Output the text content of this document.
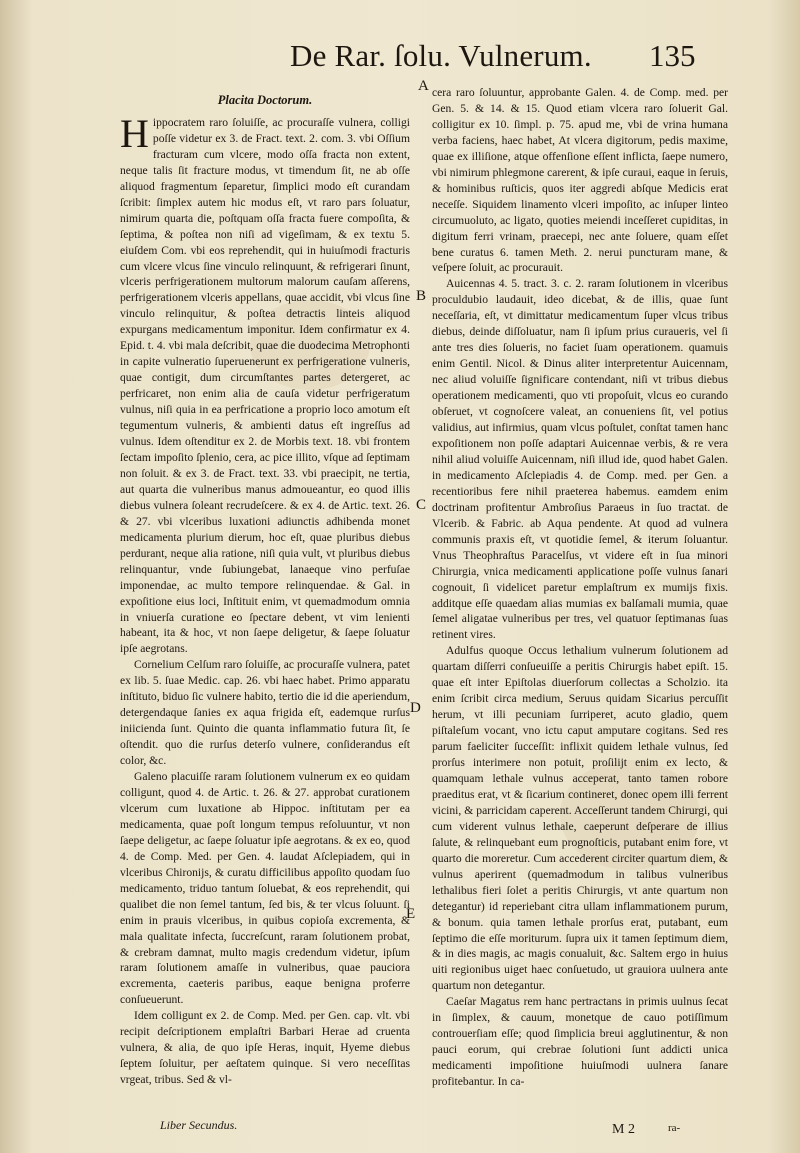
De Rar. ſolu. Vulnerum. 135
Placita Doctorum.

Hippocratem raro ſoluiſſe, ac procuraſſe vulnera, colligi poſſe videtur ex 3. de Fract. text. 2. com. 3. vbi Oſſium fracturam cum vlcere, modo oſſa fracta non extent, neque talis ſit fracture modus, vt timendum ſit, ne ab oſſe aliquod fragmentum ſeparetur, ſimplici modo eſt curandam ſcribit: ſimplex autem hic modus eſt, vt raro pars ſoluatur, nimirum quarta die, poſtquam oſſa fracta fuere compoſita, & ſeptima, & poſtea non niſi ad vigeſimam, & ex textu 5. eiuſdem Com. vbi eos reprehendit, qui in huiuſmodi fracturis cum vlcere vlcus ſine vinculo relinquunt, & refrigerari ſinunt, vlceris perfrigerationem multorum malorum cauſam aſſerens, perfrigerationem vlceris appellans, quae accidit, vbi vlcus ſine vinculo relinquitur, & poſtea detractis linteis aliquod expurgans medicamentum imponitur. Idem confirmatur ex 4. Epid. t. 4. vbi mala deſcribit, quae die duodecima Metrophonti in capite vulneratio ſuperuenerunt ex perfrigeratione vulneris, quae contigit, dum circumſtantes partes detergeret, ac perfricaret, non enim alia de cauſa videtur perfrigeratum vulnus, niſi quia in ea perfricatione a proprio loco amotum eſt tegumentum vulneris, & ambienti datus eſt ingreſſus ad vulnus. Idem oſtenditur ex 2. de Morbis text. 18. vbi frontem ſectam impoſito ſplenio, cera, ac pice illito, vſque ad ſeptimam non ſoluit. & ex 3. de Fract. text. 33. vbi praecipit, ne tertia, aut quarta die vulneribus manus admoueantur, eo quod illis diebus vulnera ſoleant recrudeſcere. & ex 4. de Artic. text. 26. & 27. vbi vlceribus luxationi adiunctis adhibenda monet medicamenta plurium dierum, hoc eſt, quae pluribus diebus perdurant, neque alia ratione, niſi quia vult, vt pluribus diebus relinquantur, vnde ſubiungebat, lanaeque vino perfuſae imponendae, ac multo tempore relinquendae. & Gal. in expoſitione eius loci, Inſtituit enim, vt quemadmodum omnia in vniuerſa curatione eo ſpectare debent, vt vim lenienti habeant, ita & hoc, vt non ſaepe deligetur, & ſaepe ſoluatur ipſe aegrotans.

Cornelium Celſum raro ſoluiſſe, ac procuraſſe vulnera, patet ex lib. 5. ſuae Medic. cap. 26. vbi haec habet. Primo apparatu inſtituto, biduo ſic vulnere habito, tertio die id die aperiendum, detergendaque ſanies ex aqua frigida eſt, eademque rurſus iniicienda ſunt. Quinto die quanta inflammatio futura ſit, ſe oſtendit. quo die rurſus deterſo vulnere, conſiderandus eſt color, &c.

Galeno placuiſſe raram ſolutionem vulnerum ex eo quidam colligunt, quod 4. de Artic. t. 26. & 27. approbat curationem vlcerum cum luxatione ab Hippoc. inſtitutam per ea medicamenta, quae poſt longum tempus reſoluuntur, vt non ſaepe deligetur, ac ſaepe ſoluatur ipſe aegrotans. & ex eo, quod 4. de Comp. Med. per Gen. 4. laudat Aſclepiadem, qui in vlceribus Chironijs, & curatu difficilibus appoſito quodam ſuo medicamento, triduo tantum ſoluebat, & eos reprehendit, qui qualibet die non ſemel tantum, ſed bis, & ter vlcus ſoluunt. ſi enim in prauis vlceribus, in quibus copioſa excrementa, & mala qualitate infecta, ſuccreſcunt, raram ſolutionem probat, & crebram damnat, multo magis credendum videtur, ipſum raram ſolutionem amaſſe in vulneribus, quae pauciora excrementa, caeteris paribus, eaque benigna proferre conſueuerunt.

Idem colligunt ex 2. de Comp. Med. per Gen. cap. vlt. vbi recipit deſcriptionem emplaſtri Barbari Herae ad cruenta vulnera, & alia, de quo ipſe Heras, inquit, Hyeme diebus ſeptem ſoluitur, per aeſtatem quinque. Si vero neceſſitas vrgeat, tribus. Sed & vl-

A
B
C
D
E

cera raro ſoluuntur, approbante Galen. 4. de Comp. med. per Gen. 5. & 14. & 15. Quod etiam vlcera raro ſoluerit Gal. colligitur ex 10. ſimpl. p. 75. apud me, vbi de vrina humana verba faciens, haec habet, At vlcera digitorum, pedis maxime, quae ex illiſione, atque offenſione eſſent inflicta, ſaepe numero, vbi nimirum phlegmone carerent, & ipſe curaui, eaque in ſeruis, & hominibus ruſticis, quos iter aggredi abſque Medicis erat neceſſe. Siquidem linamento vlceri impoſito, ac inſuper linteo circumuoluto, ac ligato, quoties meiendi inceſſeret cupiditas, in digitum ferri vrinam, praecepi, nec ante ſoluere, quam eſſet bene curatus 6. tamen Meth. 2. nerui puncturam mane, & veſpere ſoluit, ac procurauit.

Auicennas 4. 5. tract. 3. c. 2. raram ſolutionem in vlceribus proculdubio laudauit, ideo dicebat, & de illis, quae ſunt neceſſaria, eſt, vt dimittatur medicamentum ſuper vlcus tribus diebus, deinde diſſoluatur, nam ſi ipſum prius curaueris, vel ſi ante tres dies ſolueris, no faciet ſuam operationem. quamuis enim Gentil. Nicol. & Dinus aliter interpretentur Auicennam, nec aliud voluiſſe ſignificare contendant, niſi vt tribus diebus operationem medicamenti, quo vti propoſuit, vlcus eo curando obſeruet, vt cognoſcere valeat, an conueniens ſit, vel potius validius, aut infirmius, quam vlcus poſtulet, conſtat tamen hanc expoſitionem non poſſe adaptari Auicennae verbis, & re vera nihil aliud voluiſſe Auicennam, niſi illud ide, quod habet Galen. in medicamento Aſclepiadis 4. de Comp. med. per Gen. a recentioribus fere nihil praeterea habemus. eamdem enim doctrinam profitentur Ambroſius Paraeus in ſuo tractat. de Vlcerib. & Fabric. ab Aqua pendente. At quod ad vulnera communis praxis eſt, vt quotidie ſemel, & iterum ſoluantur. Vnus Theophraſtus Paracelſus, vt videre eſt in ſua minori Chirurgia, vnica medicamenti applicatione poſſe vulnus ſanari cognouit, ſi videlicet paretur emplaſtrum ex mumijs fixis. additque eſſe quaedam alias mumias ex balſamali mumia, quae ſemel aligatae vulneribus per tres, vel quatuor ſeptimanas ſuas retinent vires.

Adulfus quoque Occus lethalium vulnerum ſolutionem ad quartam diſſerri conſueuiſſe a peritis Chirurgis habet epiſt. 15. quae eſt inter Epiſtolas diuerſorum collectas a Scholzio. ita enim ſcribit circa medium, Seruus quidam Sicarius percuſſit herum, vt illi pecuniam ſurriperet, acuto gladio, quem piſtaleſum vocant, vno ictu caput amputare cogitans. Sed res parum faeliciter ſucceſſit: inflixit quidem lethale vulnus, ſed prorſus interimere non potuit, proſilijt enim ex lecto, & quamquam lethale vulnus acceperat, tanto tamen robore praeditus erat, vt & ſicarium contineret, donec opem illi ferrent vicini, & parricidam caperent. Acceſſerunt tandem Chirurgi, qui cum viderent vulnus lethale, caeperunt deſperare de illius ſalute, & relinquebant eum prognoſticis, putabant enim fore, vt quarto die moreretur. Cum accederent circiter quartum diem, & vulnus aperirent (quemadmodum in talibus vulneribus lethalibus fieri ſolet a peritis Chirurgis, vt ante quartum non detegantur) id reperiebant citra ullam inflammationem purum, & bonum. quia tamen lethale prorſus erat, putabant, eum ſeptimo die eſſe moriturum. ſupra uix it tamen ſeptimum diem, & in dies magis, ac magis conualuit, &c. Saltem ergo in huius uiti regionibus uiget haec conſuetudo, ut grauiora uulnera ante quartum non detegantur.

Caeſar Magatus rem hanc pertractans in primis uulnus ſecat in ſimplex, & cauum, monetque de cauo potiſſimum controuerſiam eſſe; quod ſimplicia breui agglutinentur, & non pauci eorum, qui crebrae ſolutioni ſunt addicti unica medicamenti impoſitione huiuſmodi uulnera ſanare profitebantur. In ca-

Liber Secundus.	M 2	ra-
